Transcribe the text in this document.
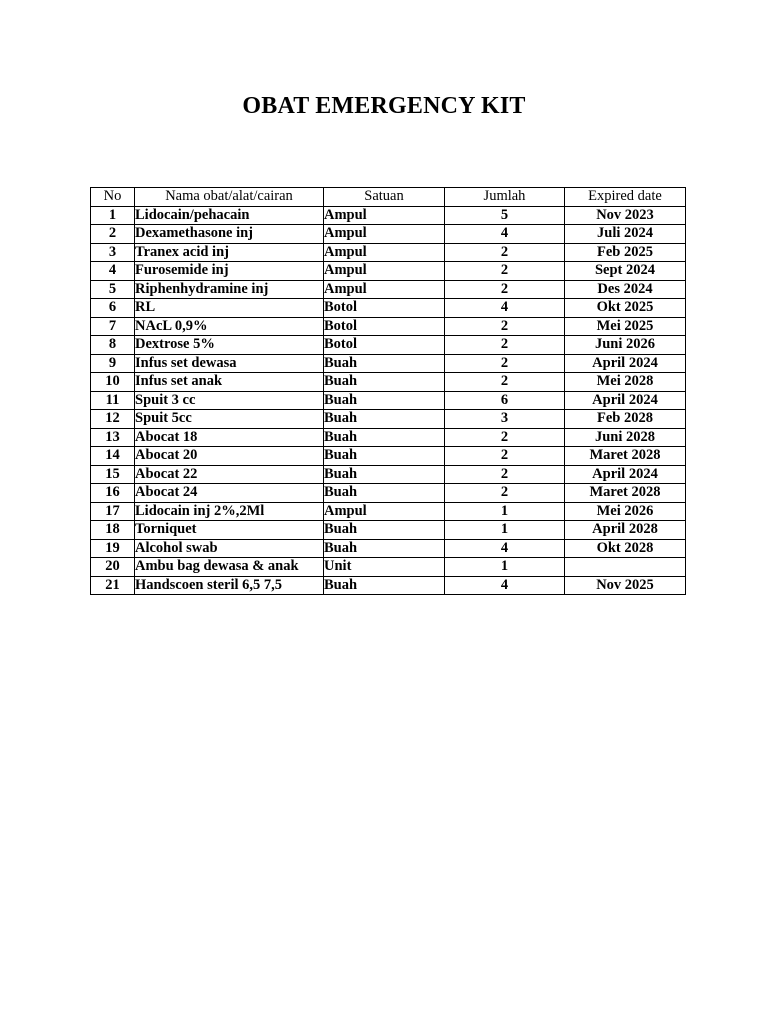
OBAT EMERGENCY KIT
No	Nama obat/alat/cairan	Satuan	Jumlah	Expired date
1	Lidocain/pehacain	Ampul	5	Nov 2023
2	Dexamethasone inj	Ampul	4	Juli 2024
3	Tranex acid inj	Ampul	2	Feb 2025
4	Furosemide inj	Ampul	2	Sept 2024
5	Riphenhydramine inj	Ampul	2	Des 2024
6	RL	Botol	4	Okt 2025
7	NAcL 0,9%	Botol	2	Mei 2025
8	Dextrose 5%	Botol	2	Juni 2026
9	Infus set dewasa	Buah	2	April 2024
10	Infus set anak	Buah	2	Mei 2028
11	Spuit 3 cc	Buah	6	April 2024
12	Spuit 5cc	Buah	3	Feb 2028
13	Abocat 18	Buah	2	Juni 2028
14	Abocat 20	Buah	2	Maret 2028
15	Abocat 22	Buah	2	April 2024
16	Abocat 24	Buah	2	Maret 2028
17	Lidocain inj 2%,2Ml	Ampul	1	Mei 2026
18	Torniquet	Buah	1	April 2028
19	Alcohol swab	Buah	4	Okt 2028
20	Ambu bag dewasa & anak	Unit	1	
21	Handscoen steril 6,5 7,5	Buah	4	Nov 2025
